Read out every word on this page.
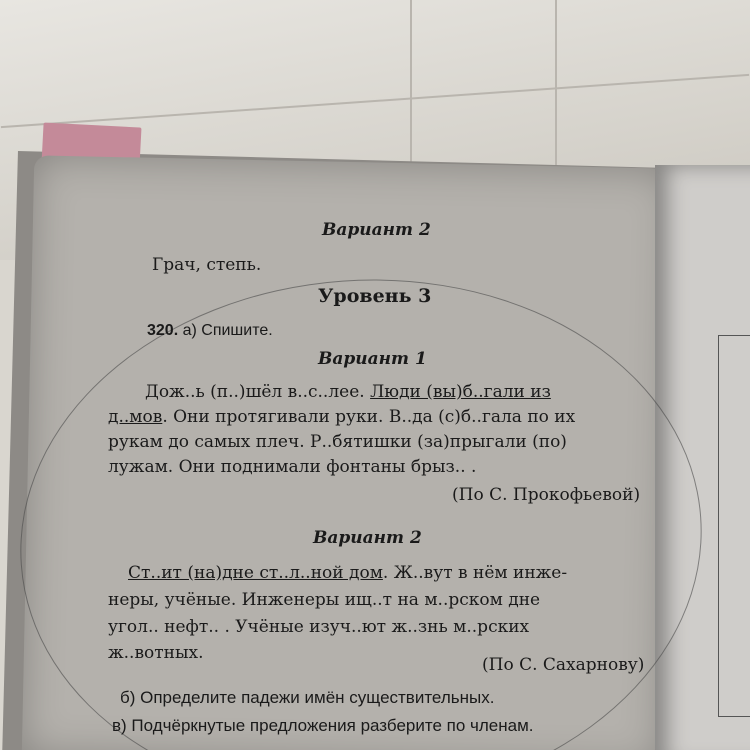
Вариант 2
Грач, степь.
Уровень 3
320. а) Спишите.
Вариант 1
Дож..ь (п..)шёл в..с..лее. Люди (вы)б..гали из
д..мов. Они протягивали руки. В..да (с)б..гала по их
рукам до самых плеч. Р..бятишки (за)прыгали (по)
лужам. Они поднимали фонтаны брыз.. .
(По С. Прокофьевой)
Вариант 2
Ст..ит (на)дне ст..л..ной дом. Ж..вут в нём инже-
неры, учёные. Инженеры ищ..т на м..рском дне
угол.. нефт.. . Учёные изуч..ют ж..знь м..рских
ж..вотных.
(По С. Сахарнову)
б) Определите падежи имён существительных.
в) Подчёркнутые предложения разберите по членам.
